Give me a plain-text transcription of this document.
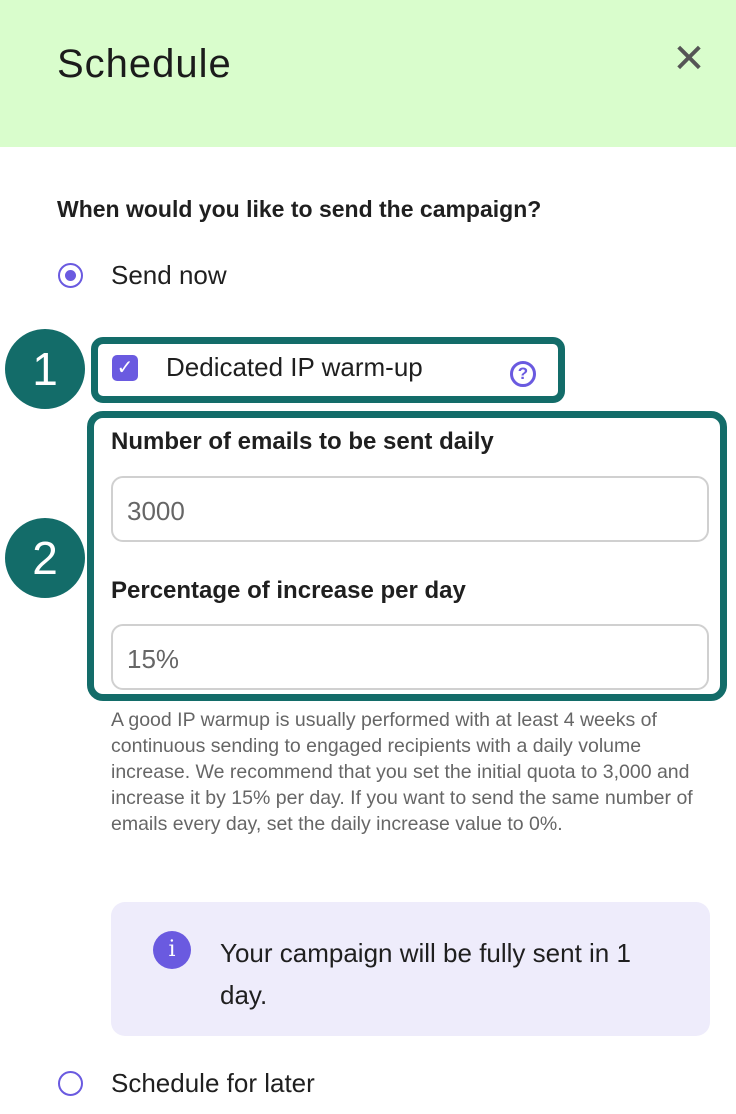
Schedule	✕
When would you like to send the campaign?
Send now
1	✓ Dedicated IP warm-up	?
2
Number of emails to be sent daily
3000
Percentage of increase per day
15%
A good IP warmup is usually performed with at least 4 weeks of continuous sending to engaged recipients with a daily volume increase. We recommend that you set the initial quota to 3,000 and increase it by 15% per day. If you want to send the same number of emails every day, set the daily increase value to 0%.
i	Your campaign will be fully sent in 1 day.
Schedule for later
